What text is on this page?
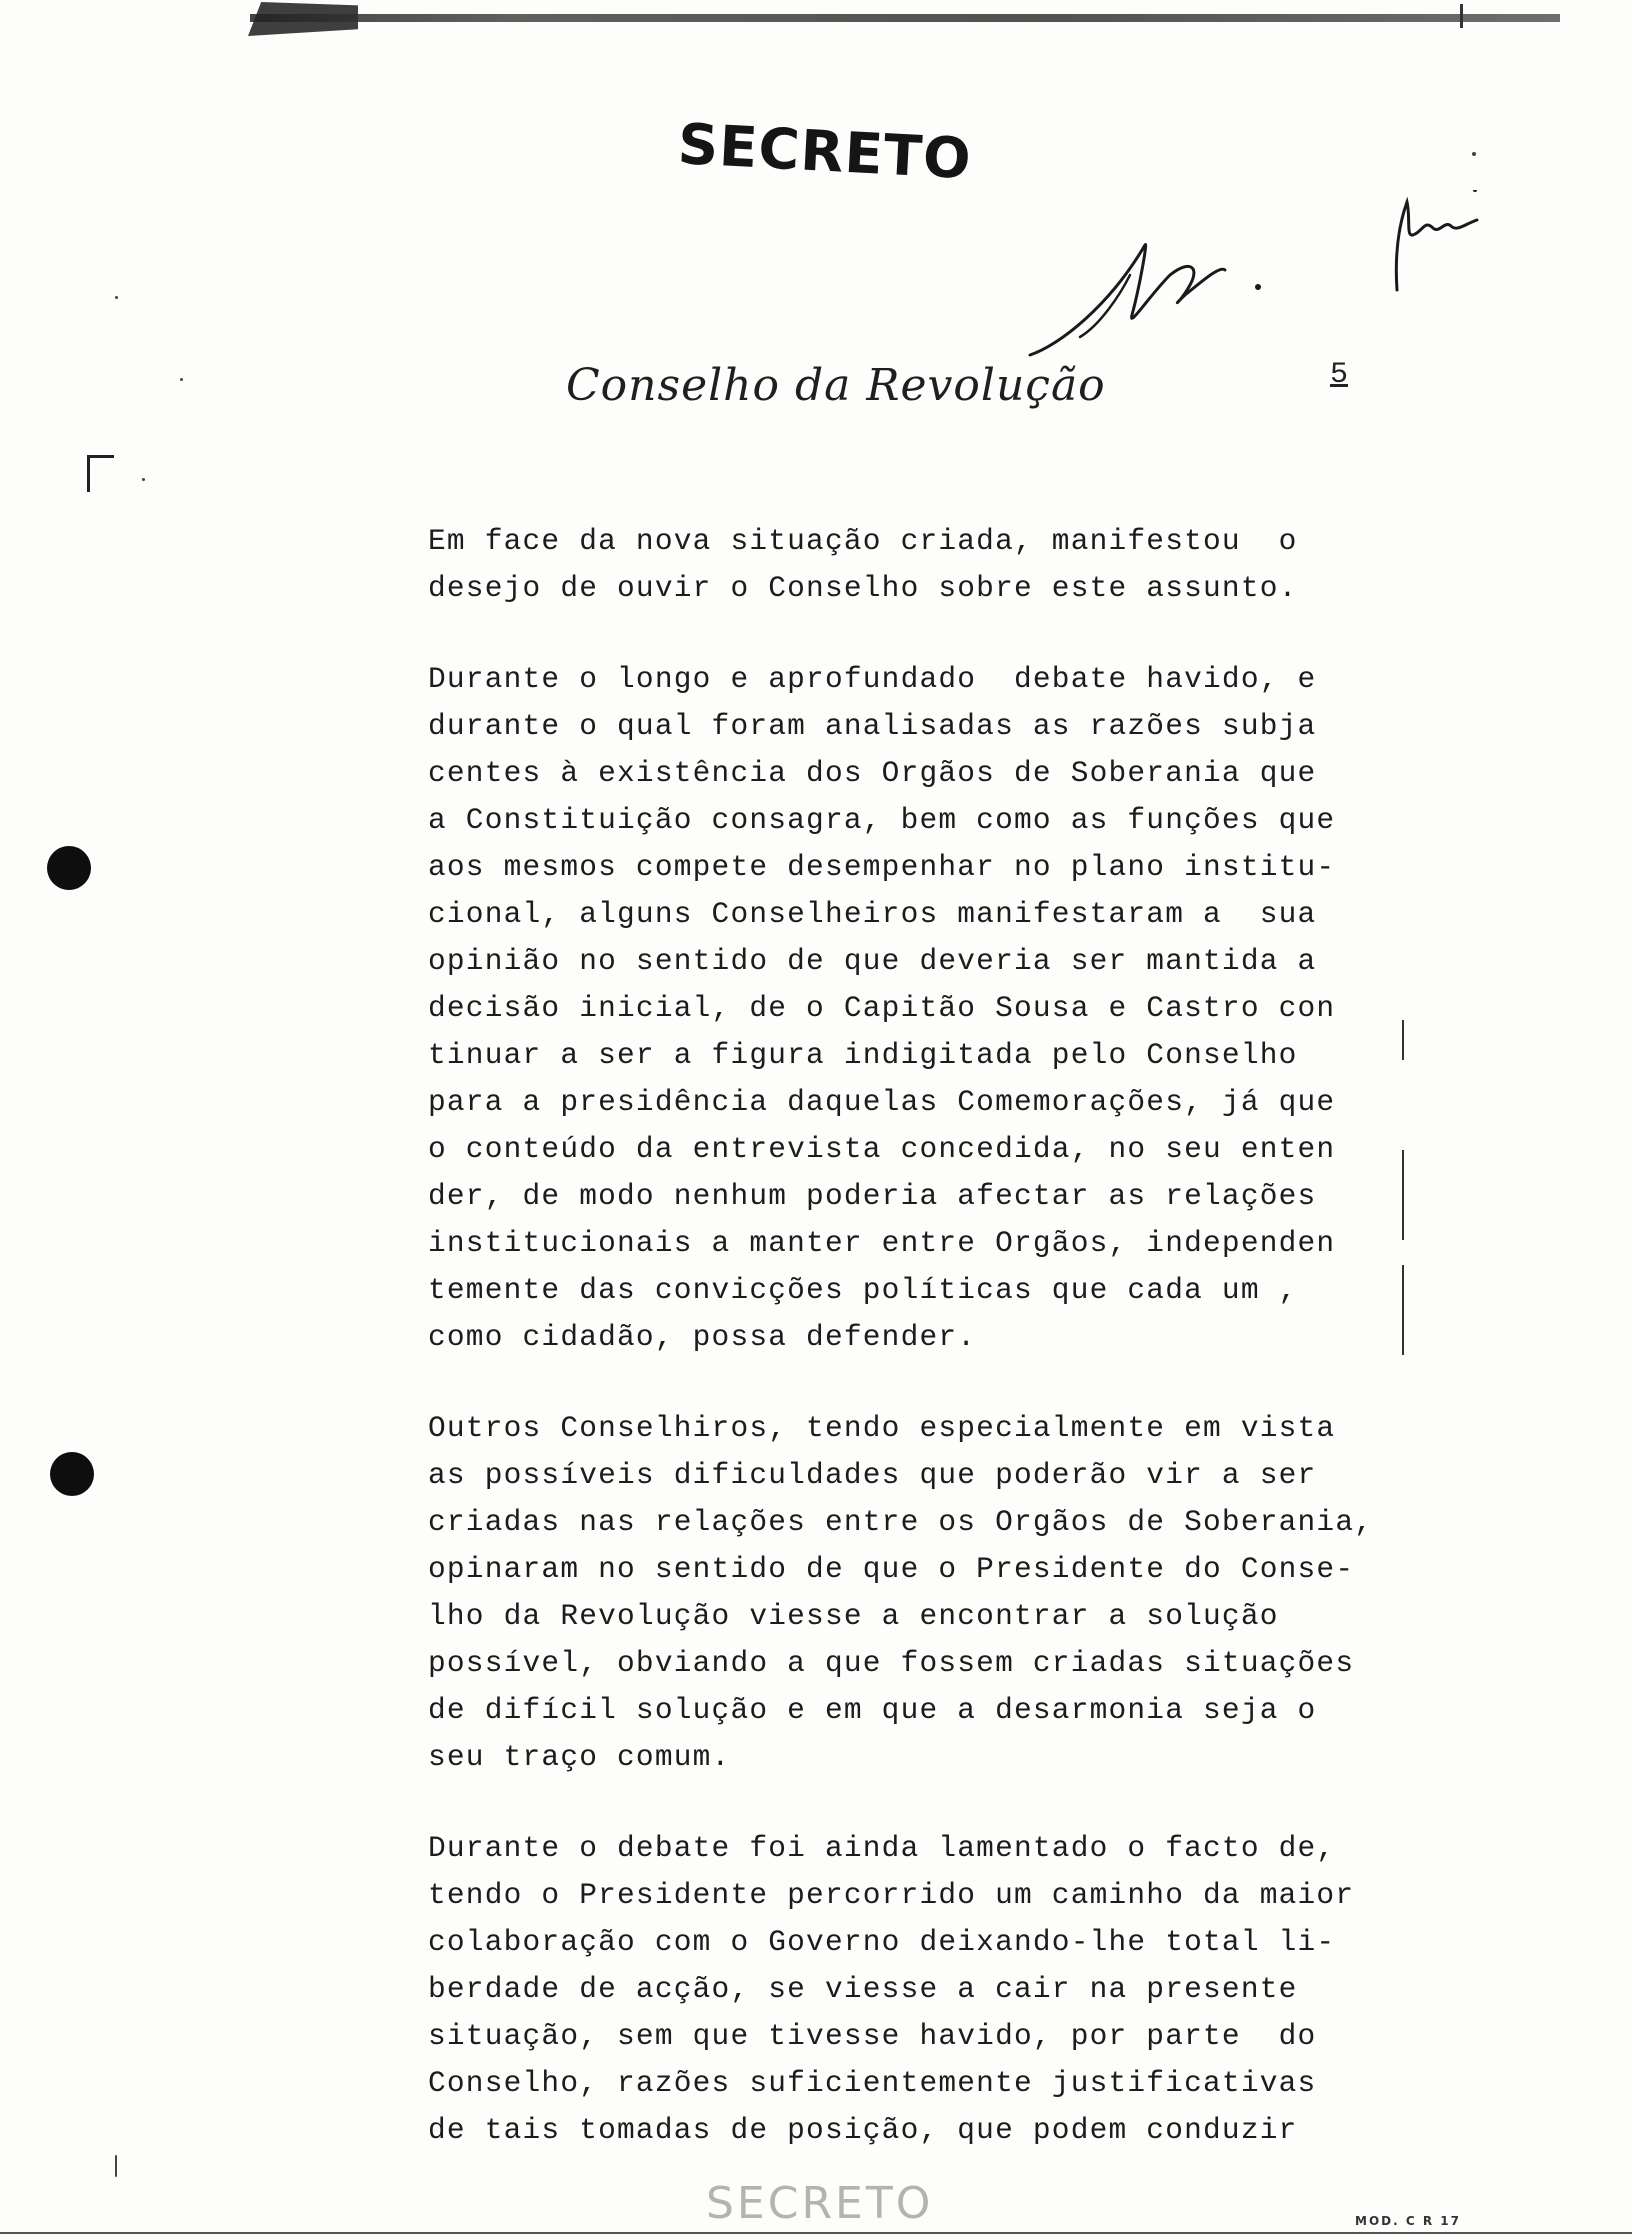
SECRETO
Conselho da Revolução	5

Em face da nova situação criada, manifestou  o
desejo de ouvir o Conselho sobre este assunto.

Durante o longo e aprofundado  debate havido, e
durante o qual foram analisadas as razões subja
centes à existência dos Orgãos de Soberania que
a Constituição consagra, bem como as funções que
aos mesmos compete desempenhar no plano institu-
cional, alguns Conselheiros manifestaram a  sua
opinião no sentido de que deveria ser mantida a
decisão inicial, de o Capitão Sousa e Castro con
tinuar a ser a figura indigitada pelo Conselho
para a presidência daquelas Comemorações, já que
o conteúdo da entrevista concedida, no seu enten
der, de modo nenhum poderia afectar as relações
institucionais a manter entre Orgãos, independen
temente das convicções políticas que cada um ,
como cidadão, possa defender.

Outros Conselhiros, tendo especialmente em vista
as possíveis dificuldades que poderão vir a ser
criadas nas relações entre os Orgãos de Soberania,
opinaram no sentido de que o Presidente do Conse-
lho da Revolução viesse a encontrar a solução
possível, obviando a que fossem criadas situações
de difícil solução e em que a desarmonia seja o
seu traço comum.

Durante o debate foi ainda lamentado o facto de,
tendo o Presidente percorrido um caminho da maior
colaboração com o Governo deixando-lhe total li-
berdade de acção, se viesse a cair na presente
situação, sem que tivesse havido, por parte  do
Conselho, razões suficientemente justificativas
de tais tomadas de posição, que podem conduzir

SECRETO	MOD. C R 17
